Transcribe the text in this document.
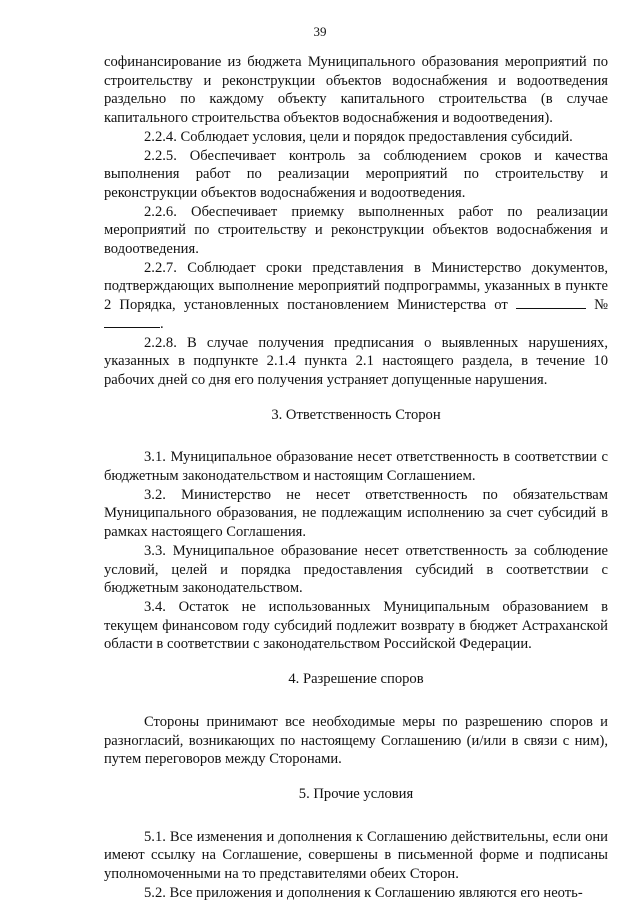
39

софинансирование из бюджета Муниципального образования мероприятий по строительству и реконструкции объектов водоснабжения и водоотведения раздельно по каждому объекту капитального строительства (в случае капитального строительства объектов водоснабжения и водоотведения).

2.2.4. Соблюдает условия, цели и порядок предоставления субсидий.

2.2.5. Обеспечивает контроль за соблюдением сроков и качества выполнения работ по реализации мероприятий по строительству и реконструкции объектов водоснабжения и водоотведения.

2.2.6. Обеспечивает приемку выполненных работ по реализации мероприятий по строительству и реконструкции объектов водоснабжения и водоотведения.

2.2.7. Соблюдает сроки представления в Министерство документов, подтверждающих выполнение мероприятий подпрограммы, указанных в пункте 2 Порядка, установленных постановлением Министерства от	№ .

2.2.8. В случае получения предписания о выявленных нарушениях, указанных в подпункте 2.1.4 пункта 2.1 настоящего раздела, в течение 10 рабочих дней со дня его получения устраняет допущенные нарушения.

3. Ответственность Сторон

3.1. Муниципальное образование несет ответственность в соответствии с бюджетным законодательством и настоящим Соглашением.

3.2. Министерство не несет ответственность по обязательствам Муниципального образования, не подлежащим исполнению за счет субсидий в рамках настоящего Соглашения.

3.3. Муниципальное образование несет ответственность за соблюдение условий, целей и порядка предоставления субсидий в соответствии с бюджетным законодательством.

3.4. Остаток не использованных Муниципальным образованием в текущем финансовом году субсидий подлежит возврату в бюджет Астраханской области в соответствии с законодательством Российской Федерации.

4. Разрешение споров

Стороны принимают все необходимые меры по разрешению споров и разногласий, возникающих по настоящему Соглашению (и/или в связи с ним), путем переговоров между Сторонами.

5. Прочие условия

5.1. Все изменения и дополнения к Соглашению действительны, если они имеют ссылку на Соглашение, совершены в письменной форме и подписаны уполномоченными на то представителями обеих Сторон.

5.2. Все приложения и дополнения к Соглашению являются его неоть-
